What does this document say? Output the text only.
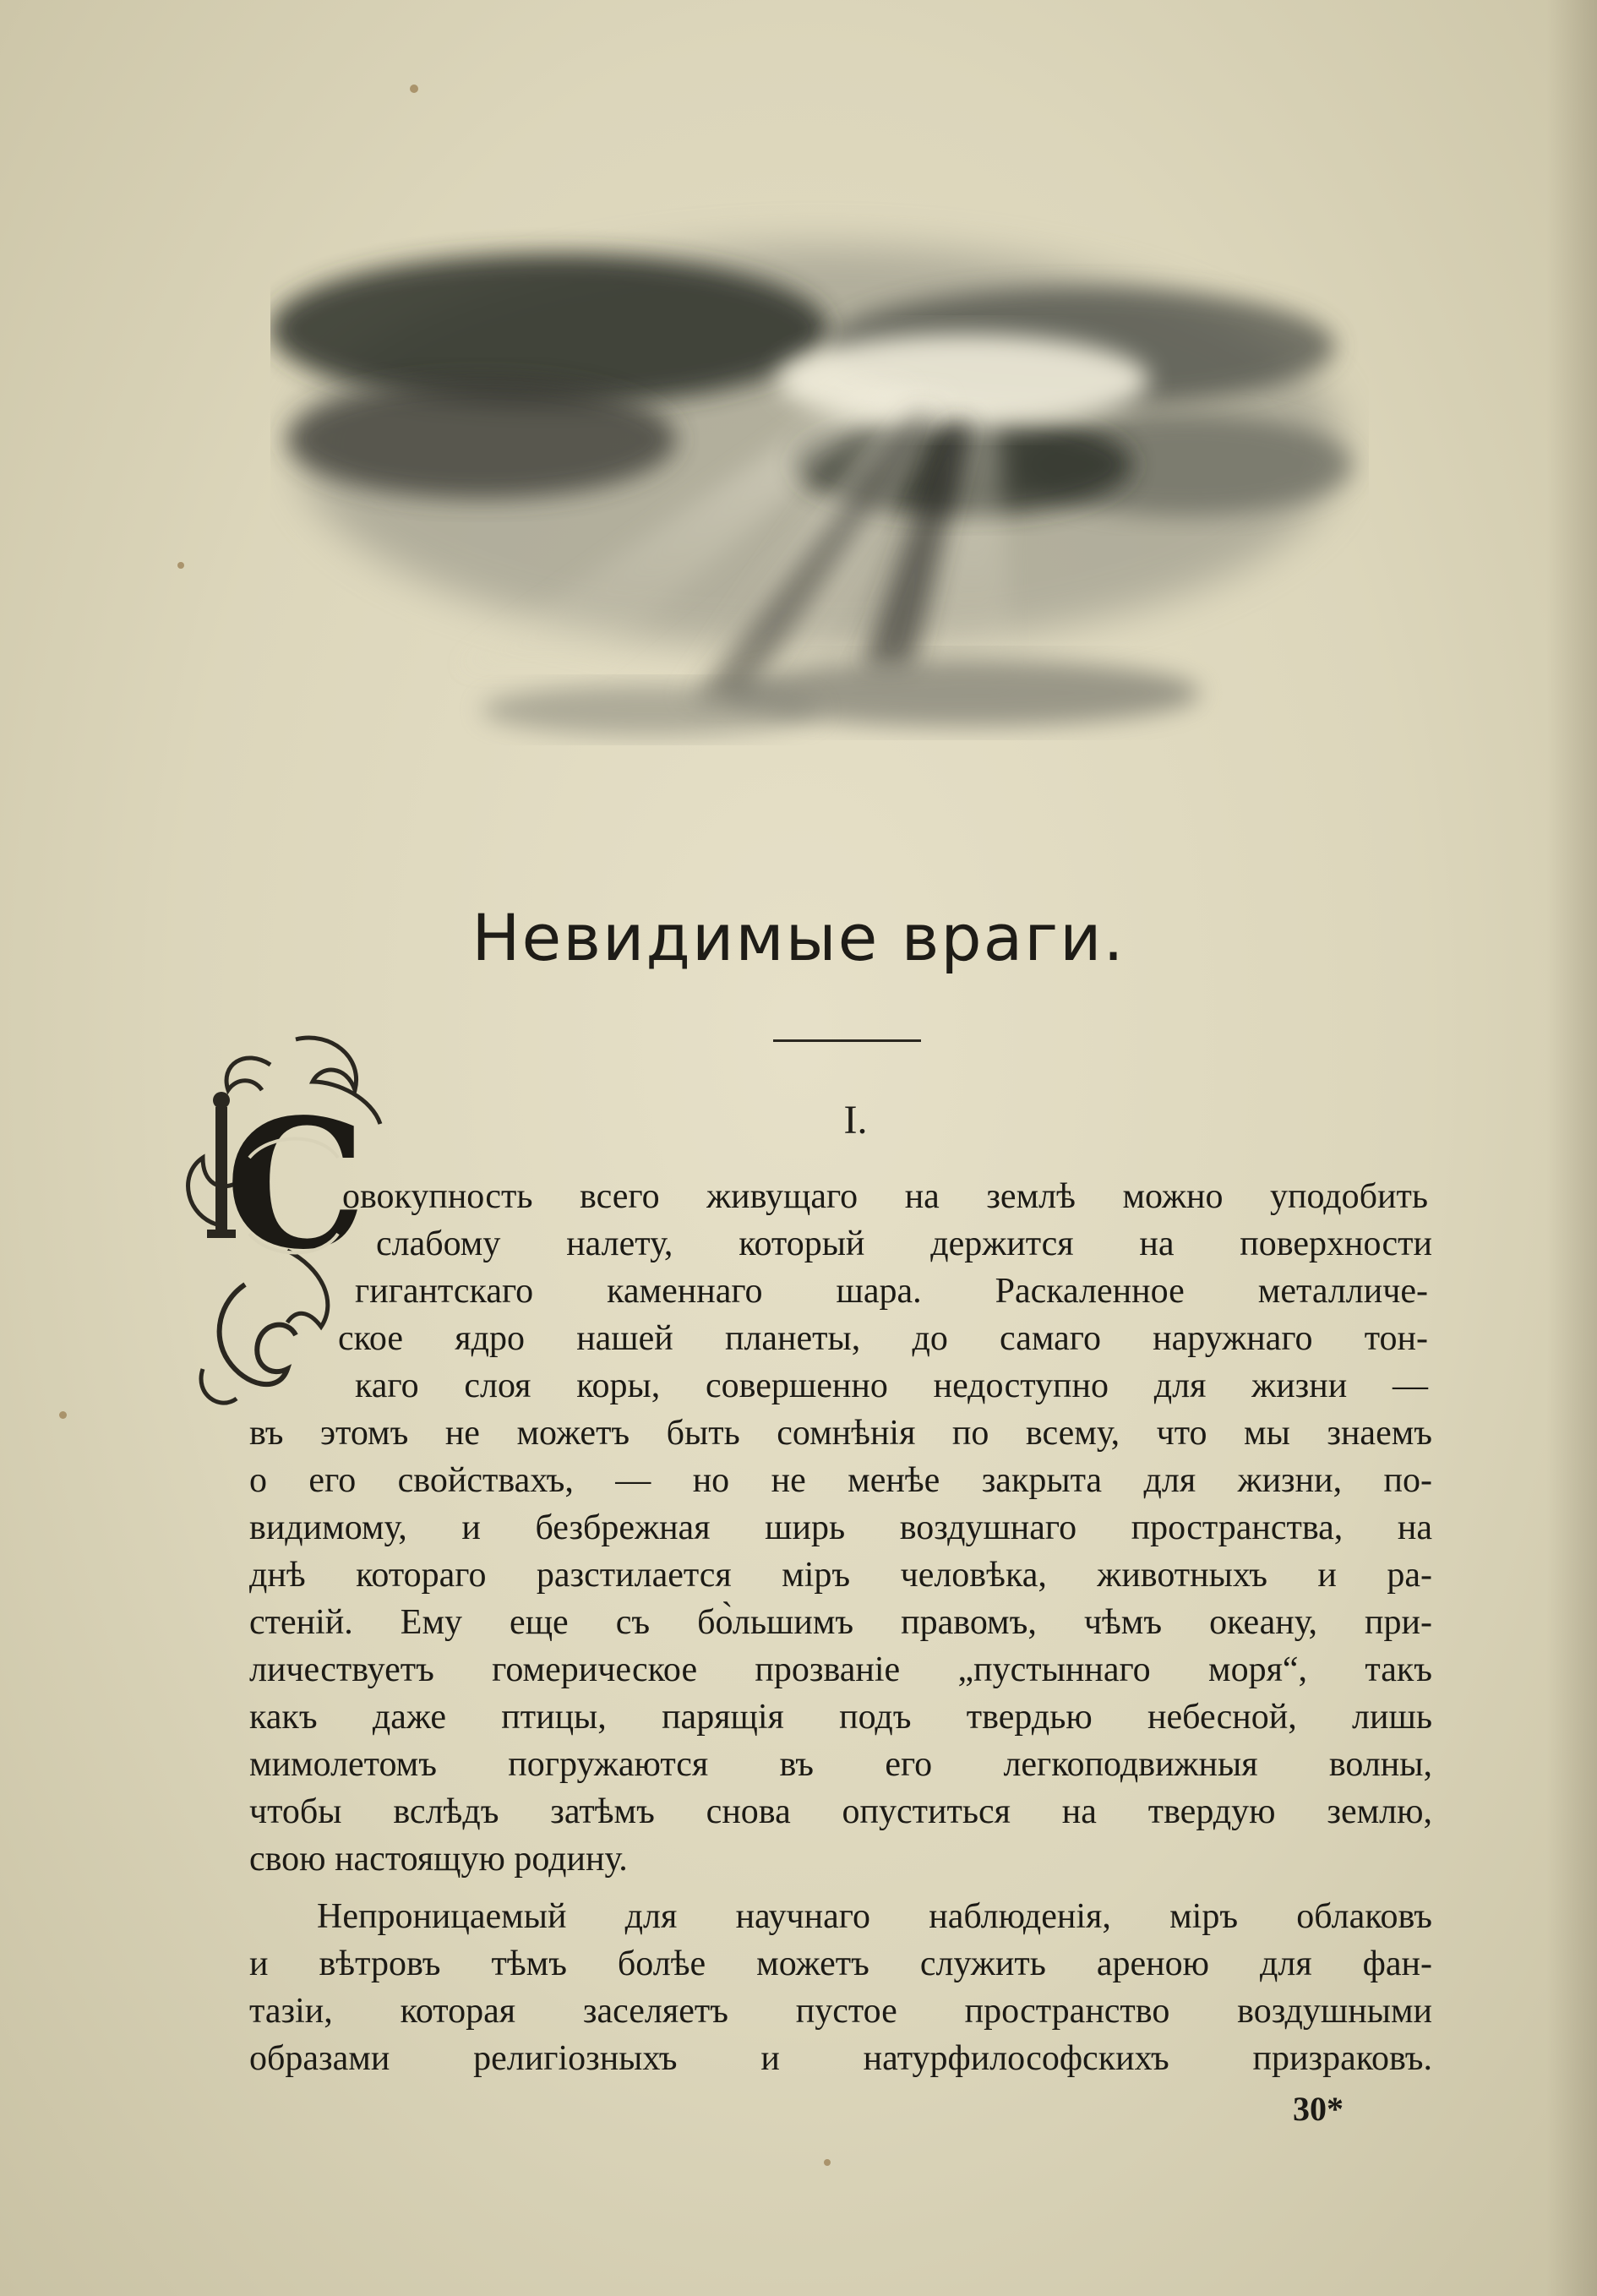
Невидимые враги.
I.
С
овокупность всего живущаго на землѣ можно уподобить
слабому налету, который держится на поверхности
гигантскаго каменнаго шара. Раскаленное металличе-
ское ядро нашей планеты, до самаго наружнаго тон-
каго слоя коры, совершенно недоступно для жизни —
въ этомъ не можетъ быть сомнѣнія по всему, что мы знаемъ
о его свойствахъ, — но не менѣе закрыта для жизни, по-
видимому, и безбрежная ширь воздушнаго пространства, на
днѣ котораго разстилается міръ человѣка, животныхъ и ра-
стеній. Ему еще съ бо̀льшимъ правомъ, чѣмъ океану, при-
личествуетъ гомерическое прозваніе „пустыннаго моря“, такъ
какъ даже птицы, парящія подъ твердью небесной, лишь
мимолетомъ погружаются въ его легкоподвижныя волны,
чтобы вслѣдъ затѣмъ снова опуститься на твердую землю,
свою настоящую родину.
Непроницаемый для научнаго наблюденія, міръ облаковъ
и вѣтровъ тѣмъ болѣе можетъ служить ареною для фан-
тазіи, которая заселяетъ пустое пространство воздушными
образами религіозныхъ и натурфилософскихъ призраковъ.
30*
